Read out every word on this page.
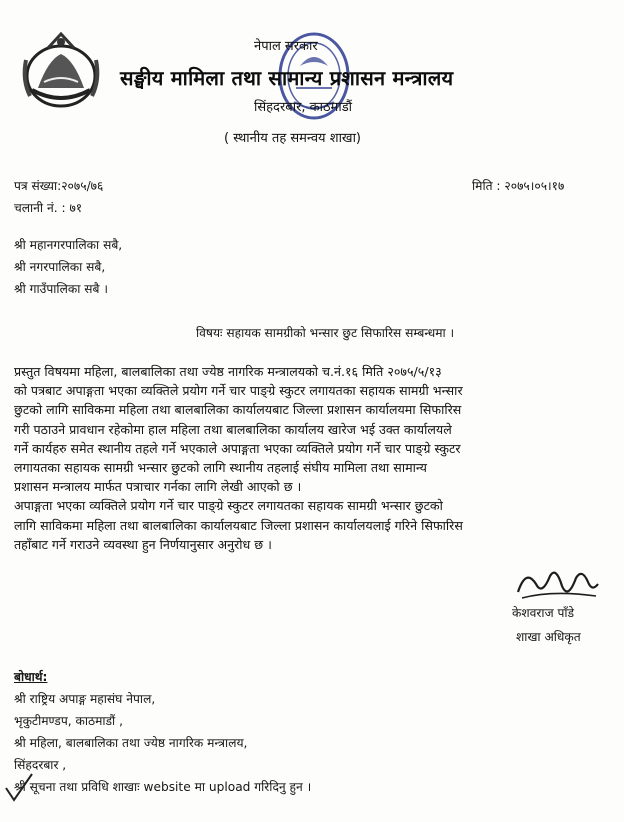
नेपाल सरकार
सङ्घीय मामिला तथा सामान्य प्रशासन मन्त्रालय
सिंहदरबार, काठमाडौं
( स्थानीय तह समन्वय शाखा)
पत्र संख्या:२०७५/७६
चलानी नं. : ७१
मिति : २०७५।०५।१७
श्री महानगरपालिका सबै,
श्री नगरपालिका सबै,
श्री गाउँपालिका सबै ।
विषयः सहायक सामग्रीको भन्सार छुट सिफारिस सम्बन्धमा ।
प्रस्तुत विषयमा महिला, बालबालिका तथा ज्येष्ठ नागरिक मन्त्रालयको च.नं.१६ मिति २०७५/५/१३
को पत्रबाट अपाङ्गता भएका व्यक्तिले प्रयोग गर्ने चार पाङ्ग्रे स्कुटर लगायतका सहायक सामग्री भन्सार
छुटको लागि साविकमा महिला तथा बालबालिका कार्यालयबाट जिल्ला प्रशासन कार्यालयमा सिफारिस
गरी पठाउने प्रावधान रहेकोमा हाल महिला तथा बालबालिका कार्यालय खारेज भई उक्त कार्यालयले
गर्ने कार्यहरु समेत स्थानीय तहले गर्ने भएकाले अपाङ्गता भएका व्यक्तिले प्रयोग गर्ने चार पाङ्ग्रे स्कुटर
लगायतका सहायक सामग्री भन्सार छुटको लागि स्थानीय तहलाई संघीय मामिला तथा सामान्य
प्रशासन मन्त्रालय मार्फत पत्राचार गर्नका लागि लेखी आएको छ ।
अपाङ्गता भएका व्यक्तिले प्रयोग गर्ने चार पाङ्ग्रे स्कुटर लगायतका सहायक सामग्री भन्सार छुटको
लागि साविकमा महिला तथा बालबालिका कार्यालयबाट जिल्ला प्रशासन कार्यालयलाई गरिने सिफारिस
तहाँबाट गर्ने गराउने व्यवस्था हुन निर्णयानुसार अनुरोध छ ।
केशवराज पाँडे
शाखा अधिकृत
बोधार्थ:
श्री राष्ट्रिय अपाङ्ग महासंघ नेपाल,
भृकुटीमण्डप, काठमाडौं ,
श्री महिला, बालबालिका तथा ज्येष्ठ नागरिक मन्त्रालय,
सिंहदरबार ,
श्री सूचना तथा प्रविधि शाखाः website मा upload गरिदिनु हुन ।
